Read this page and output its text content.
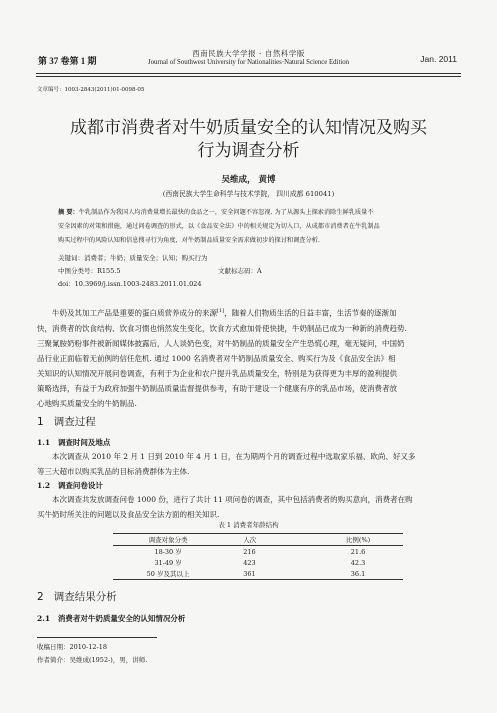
第 37 卷第 1 期
西南民族大学学报 · 自然科学版
Journal of Southwest University for Nationalities·Natural Science Edition	Jan. 2011
文章编号：1003-2843(2011)01-0098-05
成都市消费者对牛奶质量安全的认知情况及购买
行为调查分析
吴维成， 黄博
(西南民族大学生命科学与技术学院， 四川成都 610041)
摘 要：牛乳制品作为我国人均消费量增长最快的食品之一，安全问题不容忽视. 为了从源头上探索消除生鲜乳质量不
安全因素的对策和措施，通过问卷调查的形式，以《食品安全法》中的相关规定为切入口，从成都市消费者在牛乳制品
购买过程中的风险认知和信息搜寻行为角度，对牛奶制品质量安全需求做初步的探讨和调查分析.
关键词：消费者；牛奶；质量安全；认知；购买行为
中图分类号：R155.5	文献标志码：A
doi：10.3969/j.issn.1003-2483.2011.01.024
牛奶及其加工产品是重要的蛋白质营养成分的来源[1]，随着人们物质生活的日益丰富，生活节奏的逐渐加
快，消费者的饮食结构、饮食习惯也悄然发生变化，饮食方式愈加骨使快捷，牛奶制品已成为一种新的消费趋势.
三聚氰胺奶粉事件被新闻媒体披露后，人人谈奶色变，对牛奶制品的质量安全产生恐慌心理，毫无疑问，中国奶
品行业正面临着无前例的信任危机. 通过 1000 名消费者对牛奶制品质量安全、购买行为及《食品安全法》相
关知识的认知情况开展问卷调查，有利于为企业和农户提升乳品质量安全，特别是为获得更为丰厚的盈利提供
策略选择，有益于为政府加强牛奶制品质量监督提供参考，有助于建设一个健康有序的乳品市场，使消费者放
心地购买质量安全的牛奶制品.
1 调查过程
1.1 调查时间及地点
本次调查从 2010 年 2 月 1 日到 2010 年 4 月 1 日，在为期两个月的调查过程中选取家乐福、欧尚、好又多
等三大超市以购买乳品的目标消费群体为主体.
1.2 调查问卷设计
本次调查共发放调查问卷 1000 份，进行了共计 11 项问卷的调查，其中包括消费者的购买意向，消费者在购
买牛奶时所关注的问题以及食品安全法方面的相关知识.
表 1 消费者年龄结构
调查对象分类	人次	比例(%)
18-30 岁	216	21.6
31-49 岁	423	42.3
50 岁及其以上	361	36.1
2 调查结果分析
2.1 消费者对牛奶质量安全的认知情况分析
收稿日期：2010-12-18
作者简介：吴维成(1952-)，男，讲师.
